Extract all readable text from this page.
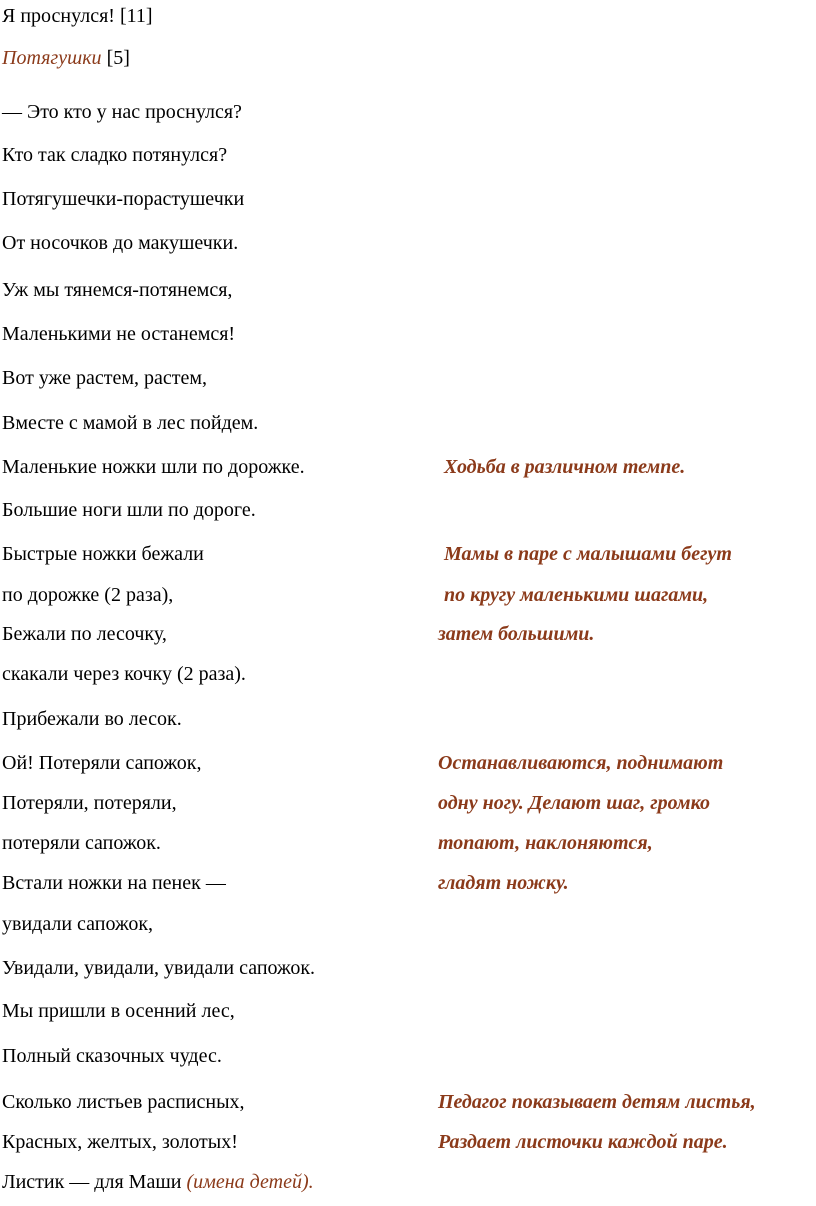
Я проснулся! [11]
Потягушки [5]
— Это кто у нас проснулся?
Кто так сладко потянулся?
Потягушечки-порастушечки
От носочков до макушечки.
Уж мы тянемся-потянемся,
Маленькими не останемся!
Вот уже растем, растем,
Вместе с мамой в лес пойдем.
Маленькие ножки шли по дорожке.
Большие ноги шли по дороге.
Быстрые ножки бежали
по дорожке (2 раза),
Бежали по лесочку,
скакали через кочку (2 раза).
Прибежали во лесок.
Ой! Потеряли сапожок,
Потеряли, потеряли,
потеряли сапожок.
Встали ножки на пенек —
увидали сапожок,
Увидали, увидали, увидали сапожок.
Мы пришли в осенний лес,
Полный сказочных чудес.
Сколько листьев расписных,
Красных, желтых, золотых!
Листик — для Маши (имена детей).
Ходьба в различном темпе.
Мамы в паре с малышами бегут
по кругу маленькими шагами,
затем большими.
Останавливаются, поднимают
одну ногу. Делают шаг, громко
топают, наклоняются,
гладят ножку.
Педагог показывает детям листья,
Раздает листочки каждой паре.
